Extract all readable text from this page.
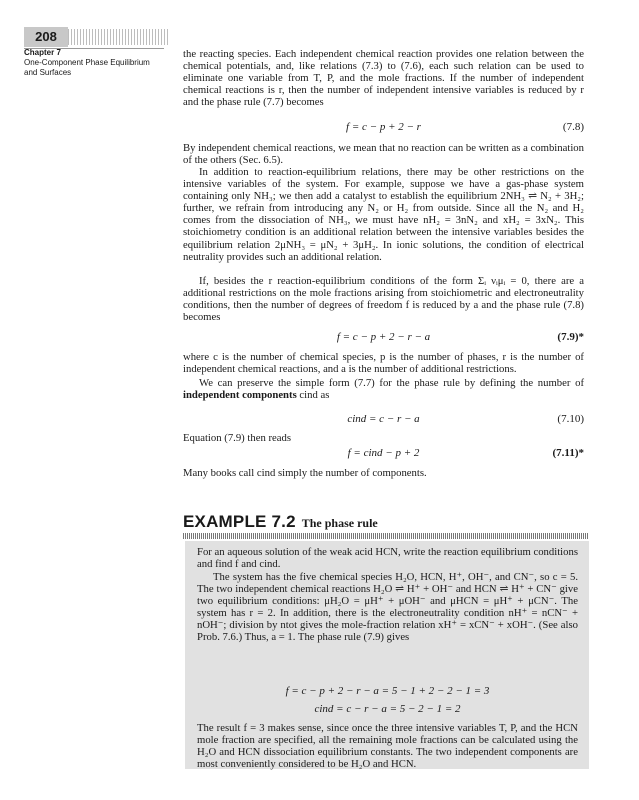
208
Chapter 7
One-Component Phase Equilibrium and Surfaces
the reacting species. Each independent chemical reaction provides one relation between the chemical potentials, and, like relations (7.3) to (7.6), each such relation can be used to eliminate one variable from T, P, and the mole fractions. If the number of independent chemical reactions is r, then the number of independent intensive variables is reduced by r and the phase rule (7.7) becomes
f = c − p + 2 − r	(7.8)
By independent chemical reactions, we mean that no reaction can be written as a combination of the others (Sec. 6.5).
In addition to reaction-equilibrium relations, there may be other restrictions on the intensive variables of the system. For example, suppose we have a gas-phase system containing only NH₃; we then add a catalyst to establish the equilibrium 2NH₃ ⇌ N₂ + 3H₂; further, we refrain from introducing any N₂ or H₂ from outside. Since all the N₂ and H₂ comes from the dissociation of NH₃, we must have nH₂ = 3nN₂ and xH₂ = 3xN₂. This stoichiometry condition is an additional relation between the intensive variables besides the equilibrium relation 2μNH₃ = μN₂ + 3μH₂. In ionic solutions, the condition of electrical neutrality provides such an additional relation.
If, besides the r reaction-equilibrium conditions of the form Σᵢ νᵢμᵢ = 0, there are a additional restrictions on the mole fractions arising from stoichiometric and electroneutrality conditions, then the number of degrees of freedom f is reduced by a and the phase rule (7.8) becomes
f = c − p + 2 − r − a	(7.9)*
where c is the number of chemical species, p is the number of phases, r is the number of independent chemical reactions, and a is the number of additional restrictions.
We can preserve the simple form (7.7) for the phase rule by defining the number of independent components cind as
cind = c − r − a	(7.10)
Equation (7.9) then reads
f = cind − p + 2	(7.11)*
Many books call cind simply the number of components.
EXAMPLE 7.2 The phase rule
For an aqueous solution of the weak acid HCN, write the reaction equilibrium conditions and find f and cind.
The system has the five chemical species H₂O, HCN, H⁺, OH⁻, and CN⁻, so c = 5. The two independent chemical reactions H₂O ⇌ H⁺ + OH⁻ and HCN ⇌ H⁺ + CN⁻ give two equilibrium conditions: μH₂O = μH⁺ + μOH⁻ and μHCN = μH⁺ + μCN⁻. The system has r = 2. In addition, there is the electroneutrality condition nH⁺ = nCN⁻ + nOH⁻; division by ntot gives the mole-fraction relation xH⁺ = xCN⁻ + xOH⁻. (See also Prob. 7.6.) Thus, a = 1. The phase rule (7.9) gives
f = c − p + 2 − r − a = 5 − 1 + 2 − 2 − 1 = 3
cind = c − r − a = 5 − 2 − 1 = 2
The result f = 3 makes sense, since once the three intensive variables T, P, and the HCN mole fraction are specified, all the remaining mole fractions can be calculated using the H₂O and HCN dissociation equilibrium constants. The two independent components are most conveniently considered to be H₂O and HCN.
